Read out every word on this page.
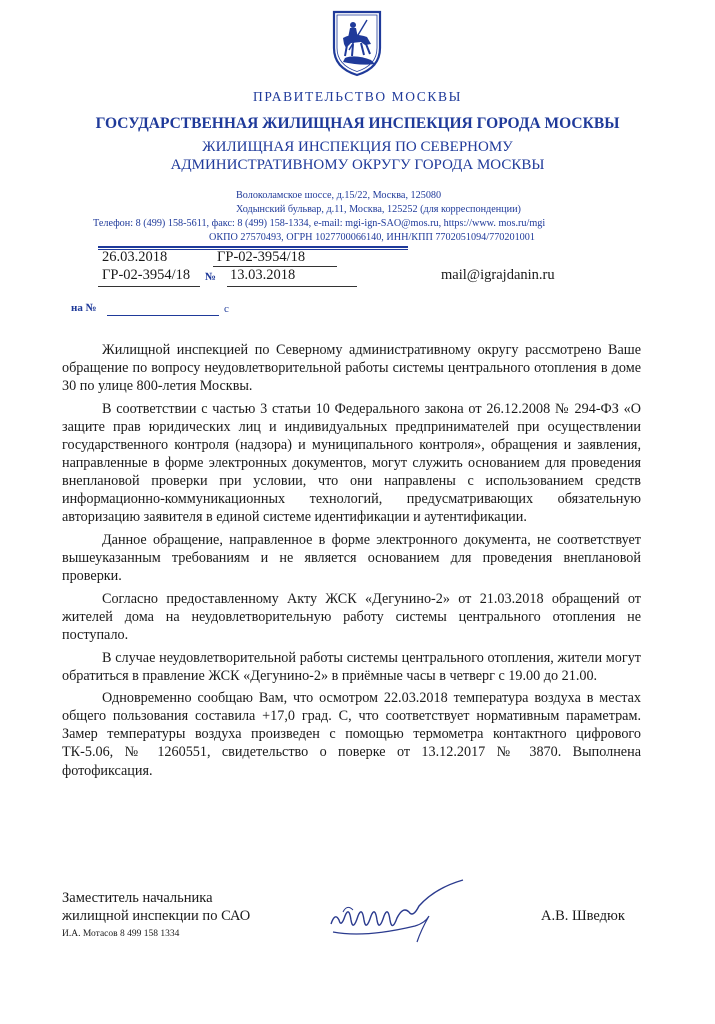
ПРАВИТЕЛЬСТВО МОСКВЫ
ГОСУДАРСТВЕННАЯ ЖИЛИЩНАЯ ИНСПЕКЦИЯ ГОРОДА МОСКВЫ
ЖИЛИЩНАЯ ИНСПЕКЦИЯ ПО СЕВЕРНОМУ
АДМИНИСТРАТИВНОМУ ОКРУГУ ГОРОДА МОСКВЫ
Волоколамское шоссе, д.15/22, Москва, 125080
Ходынский бульвар, д.11, Москва, 125252 (для корреспонденции)
Телефон: 8 (499) 158-5611, факс: 8 (499) 158-1334, e-mail: mgi-ign-SAO@mos.ru, https://www. mos.ru/mgi
ОКПО 27570493, ОГРН 1027700066140, ИНН/КПП 7702051094/770201001
26.03.2018	ГР-02-3954/18
ГР-02-3954/18 № 13.03.2018	mail@igrajdanin.ru
на №	с

Жилищной инспекцией по Северному административному округу рассмотрено Ваше обращение по вопросу неудовлетворительной работы системы центрального отопления в доме 30 по улице 800-летия Москвы.

В соответствии с частью 3 статьи 10 Федерального закона от 26.12.2008 № 294-ФЗ «О защите прав юридических лиц и индивидуальных предпринимателей при осуществлении государственного контроля (надзора) и муниципального контроля», обращения и заявления, направленные в форме электронных документов, могут служить основанием для проведения внеплановой проверки при условии, что они направлены с использованием средств информационно-коммуникационных технологий, предусматривающих обязательную авторизацию заявителя в единой системе идентификации и аутентификации.

Данное обращение, направленное в форме электронного документа, не соответствует вышеуказанным требованиям и не является основанием для проведения внеплановой проверки.

Согласно предоставленному Акту ЖСК «Дегунино-2» от 21.03.2018 обращений от жителей дома на неудовлетворительную работу системы центрального отопления не поступало.

В случае неудовлетворительной работы системы центрального отопления, жители могут обратиться в правление ЖСК «Дегунино-2» в приёмные часы в четверг с 19.00 до 21.00.

Одновременно сообщаю Вам, что осмотром 22.03.2018 температура воздуха в местах общего пользования составила +17,0 град. С, что соответствует нормативным параметрам. Замер температуры воздуха произведен с помощью термометра контактного цифрового ТК-5.06, № 1260551, свидетельство о поверке от 13.12.2017 № 3870. Выполнена фотофиксация.

Заместитель начальника
жилищной инспекции по САО
И.А. Мотасов 8 499 158 1334
А.В. Шведюк
